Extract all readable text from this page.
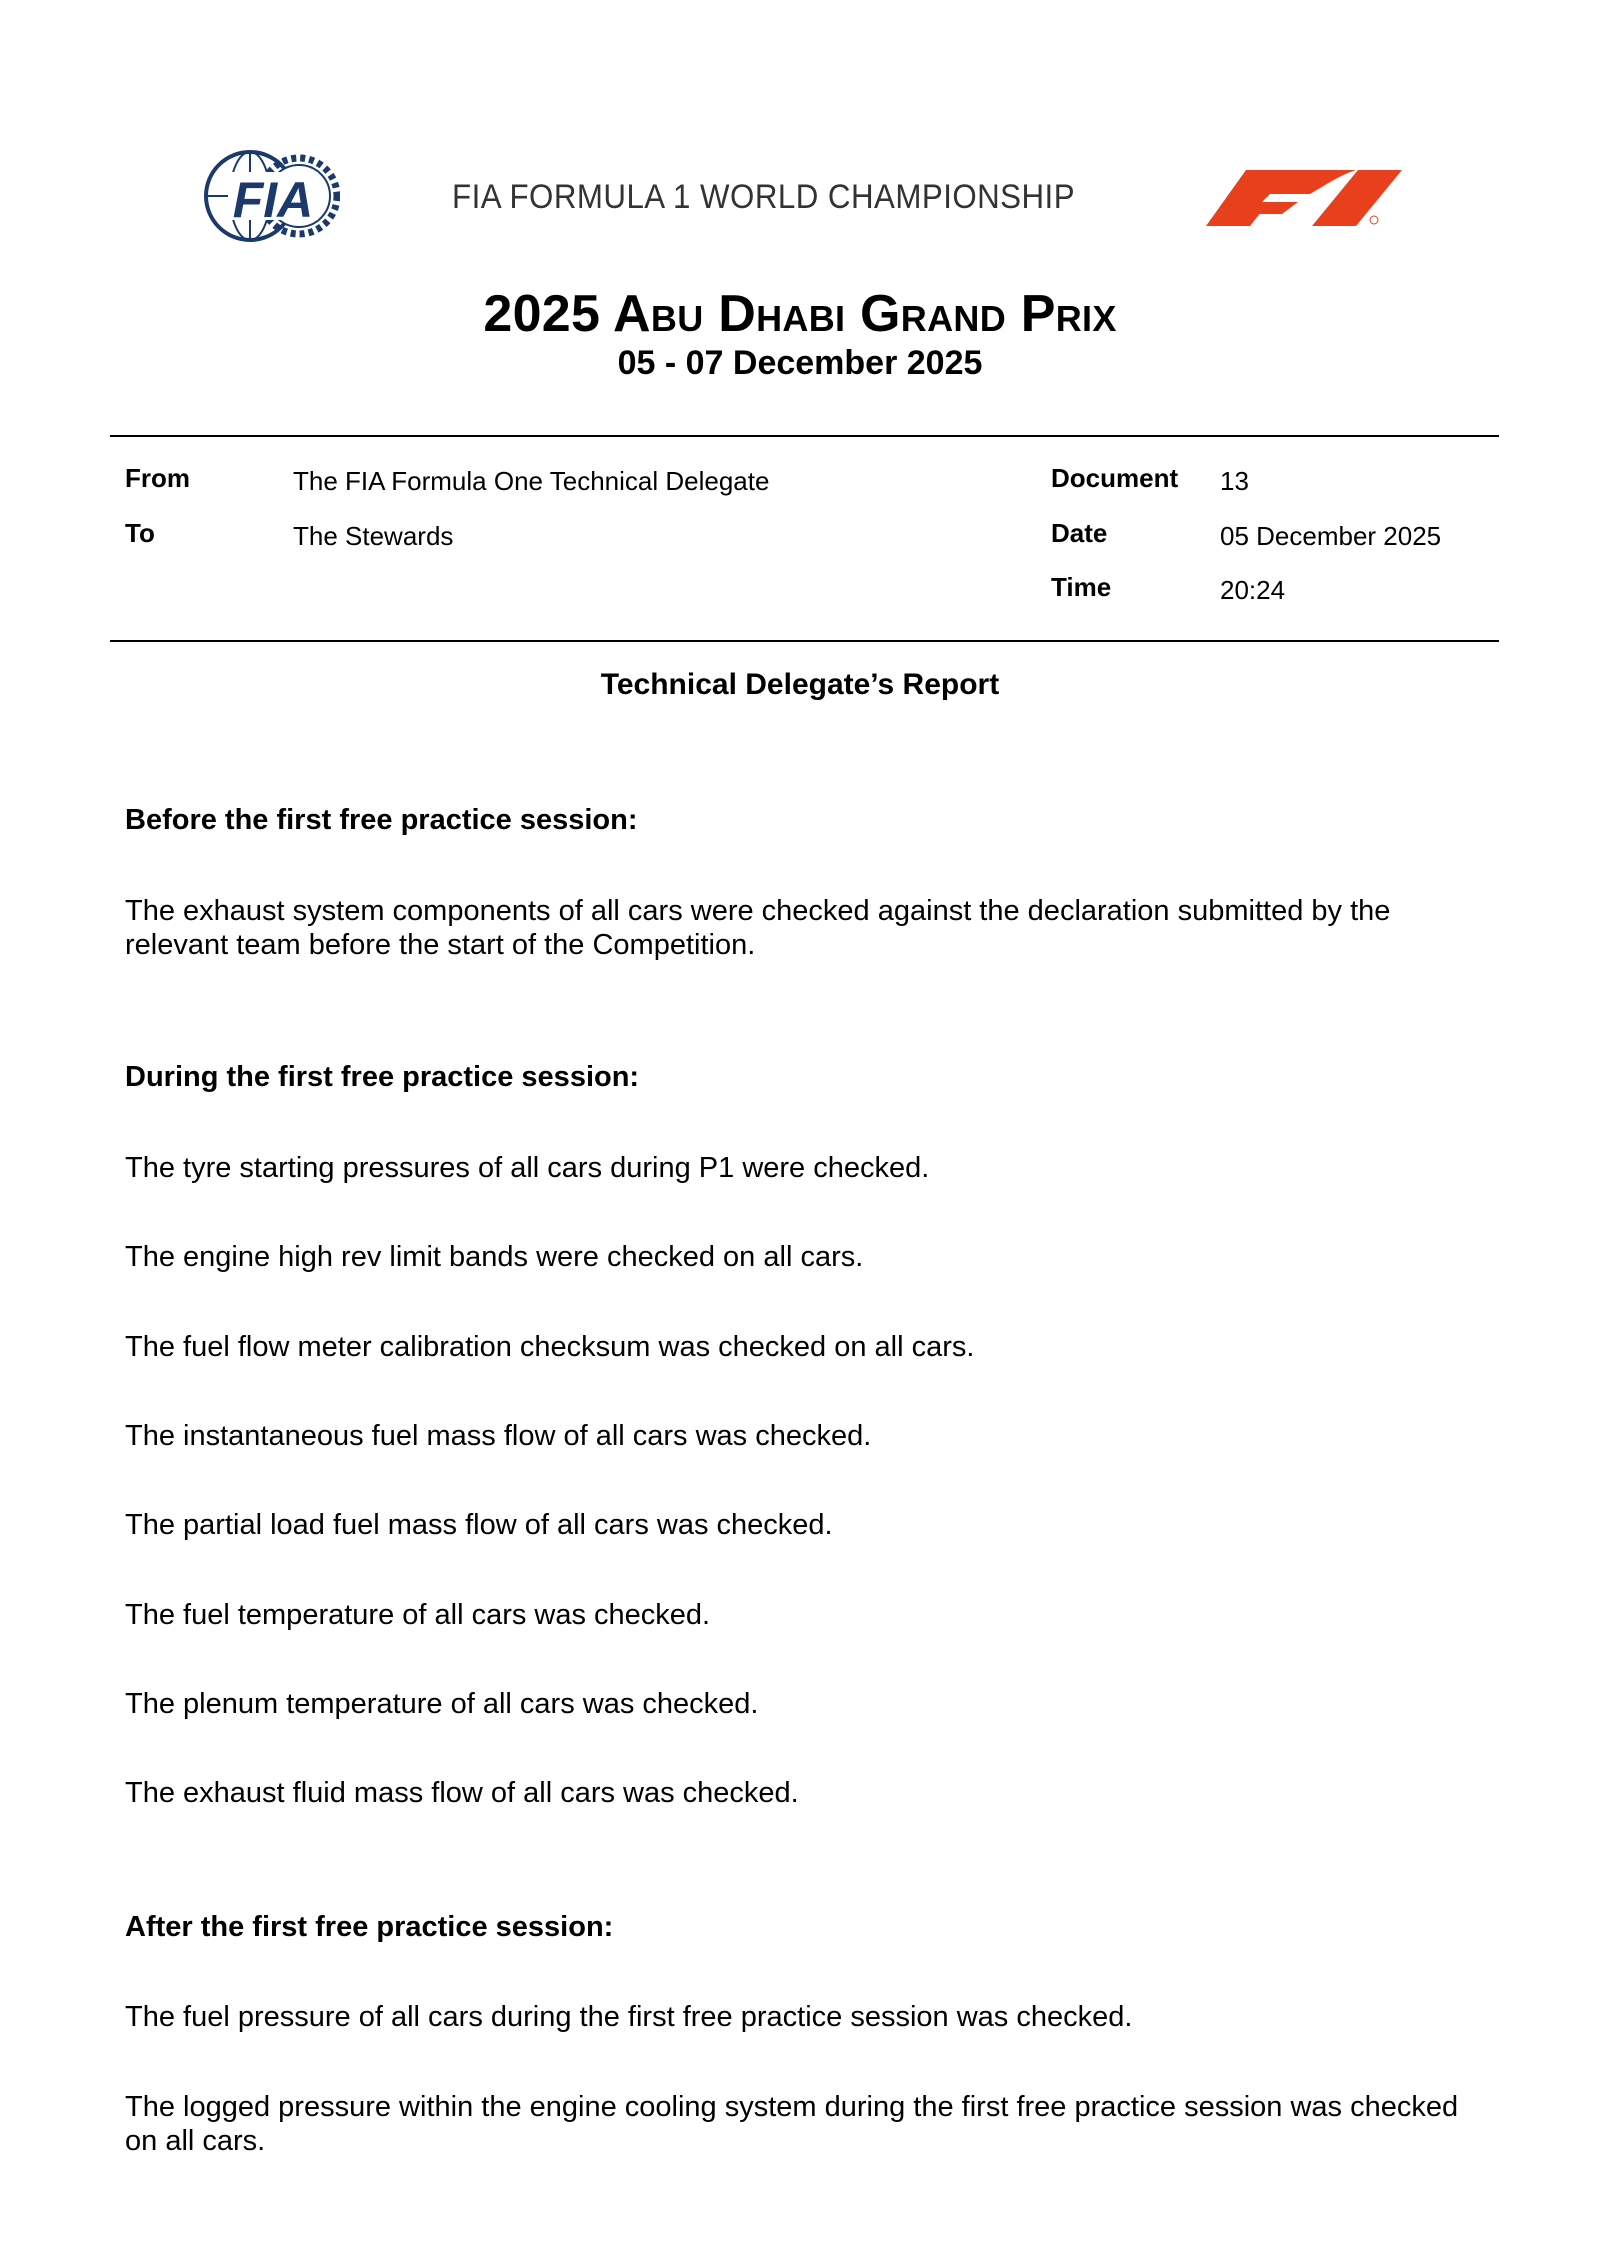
FIA	FIA FORMULA 1 WORLD CHAMPIONSHIP
2025 Abu Dhabi Grand Prix
05 - 07 December 2025
From	The FIA Formula One Technical Delegate
To	The Stewards
Document 13
Date	05 December 2025
Time	20:24
Technical Delegate’s Report
Before the first free practice session:
The exhaust system components of all cars were checked against the declaration submitted by the relevant team before the start of the Competition.
During the first free practice session:
The tyre starting pressures of all cars during P1 were checked.
The engine high rev limit bands were checked on all cars.
The fuel flow meter calibration checksum was checked on all cars.
The instantaneous fuel mass flow of all cars was checked.
The partial load fuel mass flow of all cars was checked.
The fuel temperature of all cars was checked.
The plenum temperature of all cars was checked.
The exhaust fluid mass flow of all cars was checked.
After the first free practice session:
The fuel pressure of all cars during the first free practice session was checked.
The logged pressure within the engine cooling system during the first free practice session was checked on all cars.
